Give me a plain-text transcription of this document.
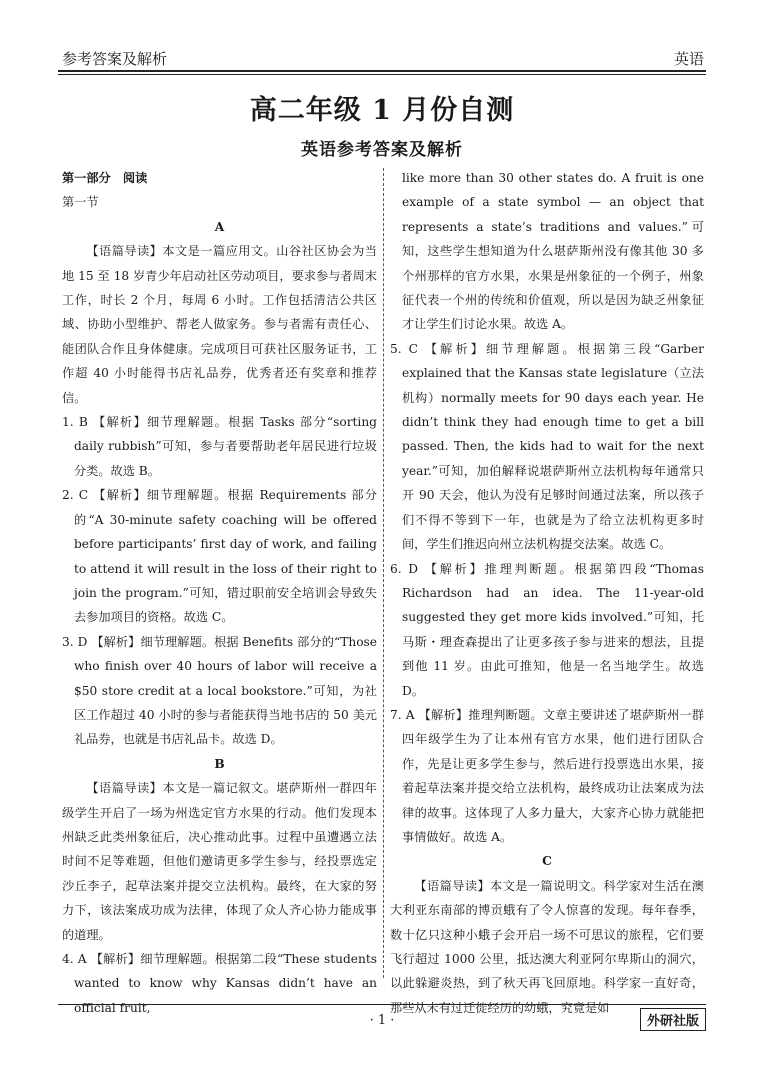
参考答案及解析	英语
高二年级 1 月份自测
英语参考答案及解析
第一部分　阅读
第一节
A
【语篇导读】本文是一篇应用文。山谷社区协会为当地 15 至 18 岁青少年启动社区劳动项目，要求参与者周末工作，时长 2 个月，每周 6 小时。工作包括清洁公共区域、协助小型维护、帮老人做家务。参与者需有责任心、能团队合作且身体健康。完成项目可获社区服务证书，工作超 40 小时能得书店礼品券，优秀者还有奖章和推荐信。
1. B 【解析】细节理解题。根据 Tasks 部分“sorting daily rubbish”可知，参与者要帮助老年居民进行垃圾分类。故选 B。
2. C 【解析】细节理解题。根据 Requirements 部分的“A 30-minute safety coaching will be offered before participants’ first day of work, and failing to attend it will result in the loss of their right to join the program.”可知，错过职前安全培训会导致失去参加项目的资格。故选 C。
3. D 【解析】细节理解题。根据 Benefits 部分的“Those who finish over 40 hours of labor will receive a $50 store credit at a local bookstore.”可知，为社区工作超过 40 小时的参与者能获得当地书店的 50 美元礼品券，也就是书店礼品卡。故选 D。
B
【语篇导读】本文是一篇记叙文。堪萨斯州一群四年级学生开启了一场为州选定官方水果的行动。他们发现本州缺乏此类州象征后，决心推动此事。过程中虽遭遇立法时间不足等难题，但他们邀请更多学生参与，经投票选定沙丘李子，起草法案并提交立法机构。最终，在大家的努力下，该法案成功成为法律，体现了众人齐心协力能成事的道理。
4. A 【解析】细节理解题。根据第二段“These students wanted to know why Kansas didn’t have an official fruit,
like more than 30 other states do. A fruit is one example of a state symbol — an object that represents a state’s traditions and values.”可知，这些学生想知道为什么堪萨斯州没有像其他 30 多个州那样的官方水果，水果是州象征的一个例子，州象征代表一个州的传统和价值观，所以是因为缺乏州象征才让学生们讨论水果。故选 A。
5. C 【解析】细节理解题。根据第三段“Garber explained that the Kansas state legislature（立法机构）normally meets for 90 days each year. He didn’t think they had enough time to get a bill passed. Then, the kids had to wait for the next year.”可知，加伯解释说堪萨斯州立法机构每年通常只开 90 天会，他认为没有足够时间通过法案，所以孩子们不得不等到下一年，也就是为了给立法机构更多时间，学生们推迟向州立法机构提交法案。故选 C。
6. D 【解析】推理判断题。根据第四段“Thomas Richardson had an idea. The 11-year-old suggested they get more kids involved.”可知，托马斯・理查森提出了让更多孩子参与进来的想法，且提到他 11 岁。由此可推知，他是一名当地学生。故选 D。
7. A 【解析】推理判断题。文章主要讲述了堪萨斯州一群四年级学生为了让本州有官方水果，他们进行团队合作，先是让更多学生参与，然后进行投票选出水果，接着起草法案并提交给立法机构，最终成功让法案成为法律的故事。这体现了人多力量大，大家齐心协力就能把事情做好。故选 A。
C
【语篇导读】本文是一篇说明文。科学家对生活在澳大利亚东南部的博贡蛾有了令人惊喜的发现。每年春季，数十亿只这种小蛾子会开启一场不可思议的旅程，它们要飞行超过 1000 公里，抵达澳大利亚阿尔卑斯山的洞穴，以此躲避炎热，到了秋天再飞回原地。科学家一直好奇，那些从未有过迁徙经历的幼蛾，究竟是如
· 1 ·	外研社版
